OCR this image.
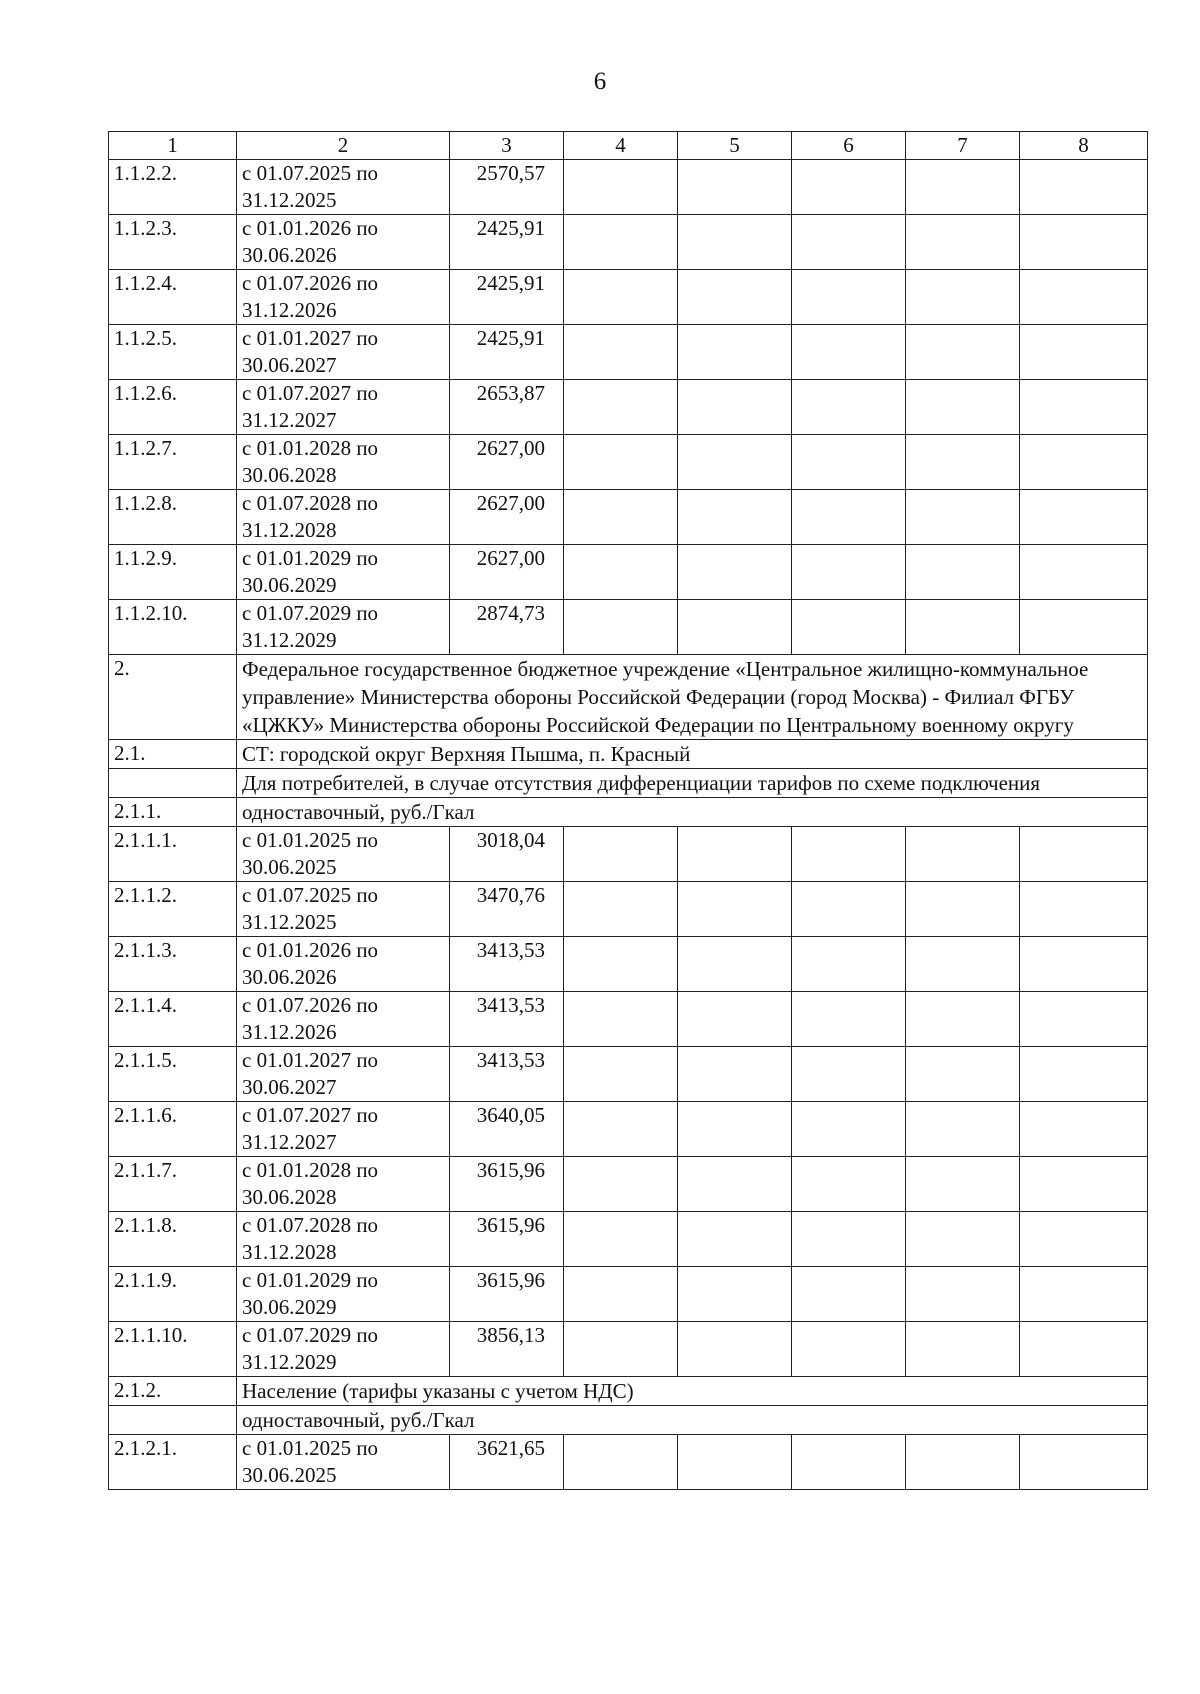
6
1	2	3	4	5	6	7	8
1.1.2.2.	с 01.07.2025 по 31.12.2025	2570,57					
1.1.2.3.	с 01.01.2026 по 30.06.2026	2425,91					
1.1.2.4.	с 01.07.2026 по 31.12.2026	2425,91					
1.1.2.5.	с 01.01.2027 по 30.06.2027	2425,91					
1.1.2.6.	с 01.07.2027 по 31.12.2027	2653,87					
1.1.2.7.	с 01.01.2028 по 30.06.2028	2627,00					
1.1.2.8.	с 01.07.2028 по 31.12.2028	2627,00					
1.1.2.9.	с 01.01.2029 по 30.06.2029	2627,00					
1.1.2.10.	с 01.07.2029 по 31.12.2029	2874,73					
2.	Федеральное государственное бюджетное учреждение «Центральное жилищно-коммунальное управление» Министерства обороны Российской Федерации (город Москва) - Филиал ФГБУ «ЦЖКУ» Министерства обороны Российской Федерации по Центральному военному округу						
2.1.	СТ: городской округ Верхняя Пышма, п. Красный						
	Для потребителей, в случае отсутствия дифференциации тарифов по схеме подключения						
2.1.1.	одноставочный, руб./Гкал						
2.1.1.1.	с 01.01.2025 по 30.06.2025	3018,04					
2.1.1.2.	с 01.07.2025 по 31.12.2025	3470,76					
2.1.1.3.	с 01.01.2026 по 30.06.2026	3413,53					
2.1.1.4.	с 01.07.2026 по 31.12.2026	3413,53					
2.1.1.5.	с 01.01.2027 по 30.06.2027	3413,53					
2.1.1.6.	с 01.07.2027 по 31.12.2027	3640,05					
2.1.1.7.	с 01.01.2028 по 30.06.2028	3615,96					
2.1.1.8.	с 01.07.2028 по 31.12.2028	3615,96					
2.1.1.9.	с 01.01.2029 по 30.06.2029	3615,96					
2.1.1.10.	с 01.07.2029 по 31.12.2029	3856,13					
2.1.2.	Население (тарифы указаны с учетом НДС)						
	одноставочный, руб./Гкал						
2.1.2.1.	с 01.01.2025 по 30.06.2025	3621,65					
